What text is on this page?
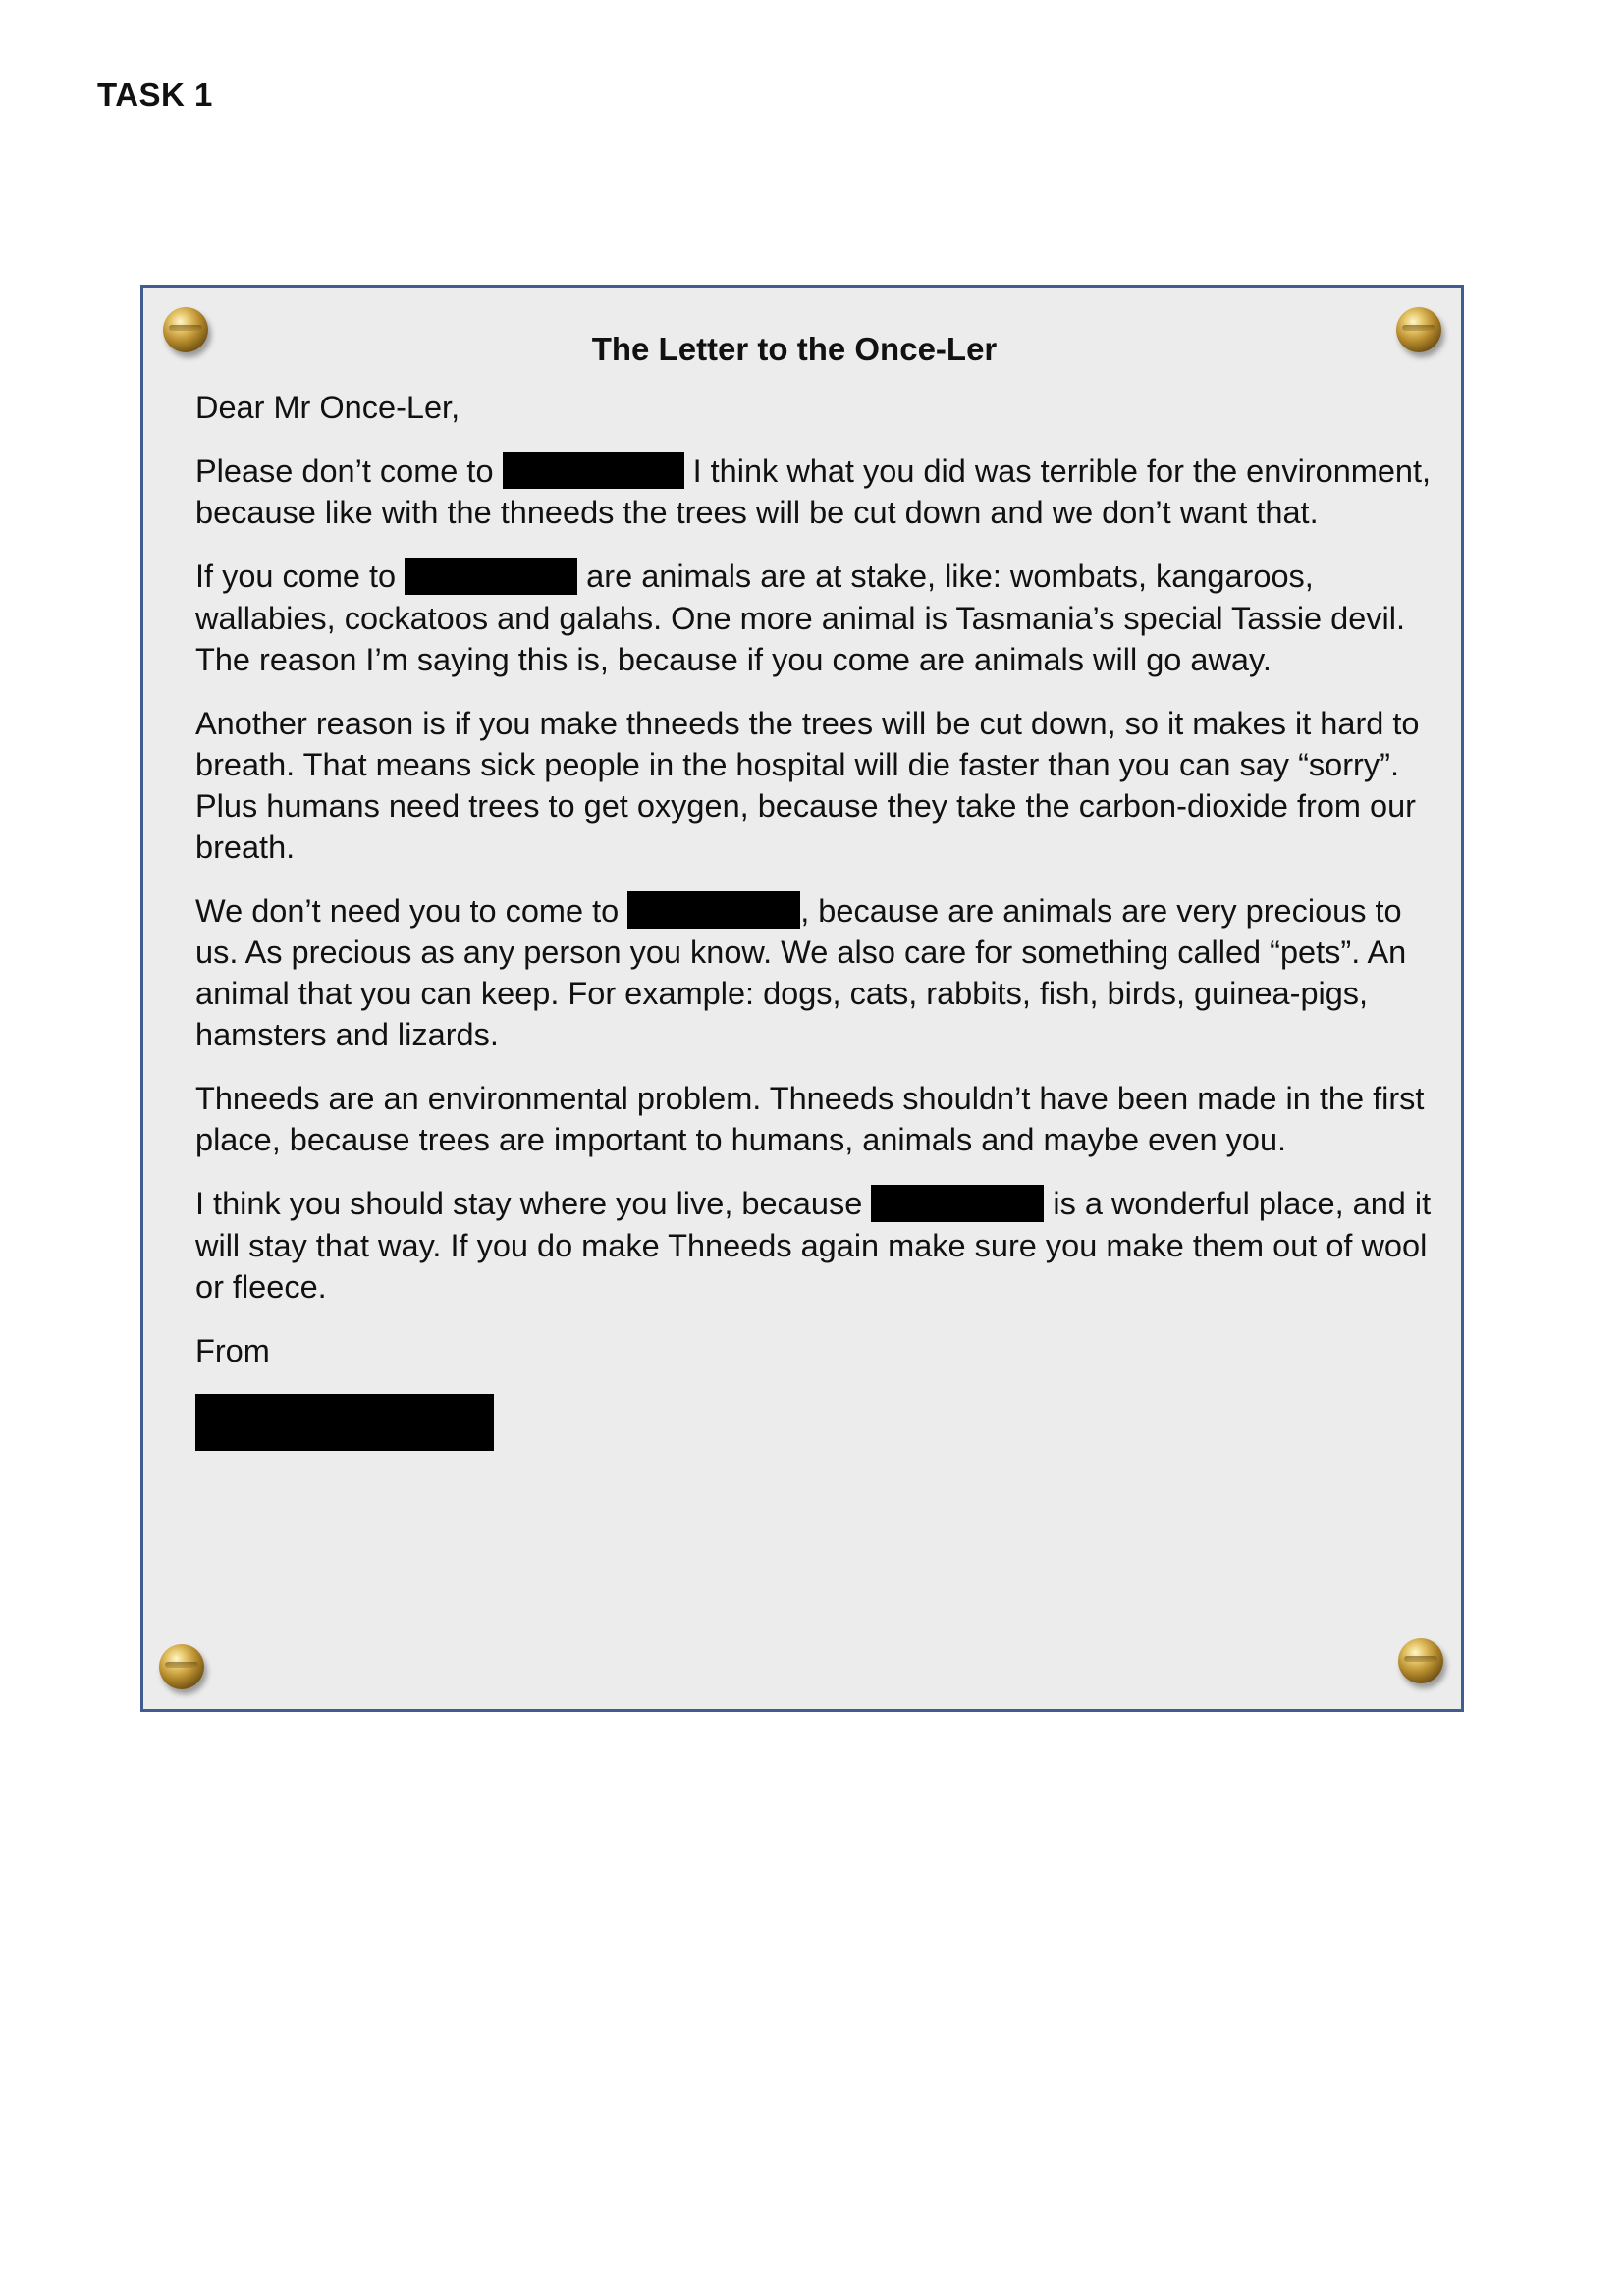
TASK 1
The Letter to the Once-Ler

Dear Mr Once-Ler,

Please don’t come to	I think what you did was terrible for the environment, because like with the thneeds the trees will be cut down and we don’t want that.

If you come to	are animals are at stake, like: wombats, kangaroos, wallabies, cockatoos and galahs. One more animal is Tasmania’s special Tassie devil. The reason I’m saying this is, because if you come are animals will go away.

Another reason is if you make thneeds the trees will be cut down, so it makes it hard to breath. That means sick people in the hospital will die faster than you can say “sorry”. Plus humans need trees to get oxygen, because they take the carbon-dioxide from our breath.

We don’t need you to come to	, because are animals are very precious to us. As precious as any person you know. We also care for something called “pets”. An animal that you can keep. For example: dogs, cats, rabbits, fish, birds, guinea-pigs, hamsters and lizards.

Thneeds are an environmental problem. Thneeds shouldn’t have been made in the first place, because trees are important to humans, animals and maybe even you.

I think you should stay where you live, because	is a wonderful place, and it will stay that way. If you do make Thneeds again make sure you make them out of wool or fleece.

From
